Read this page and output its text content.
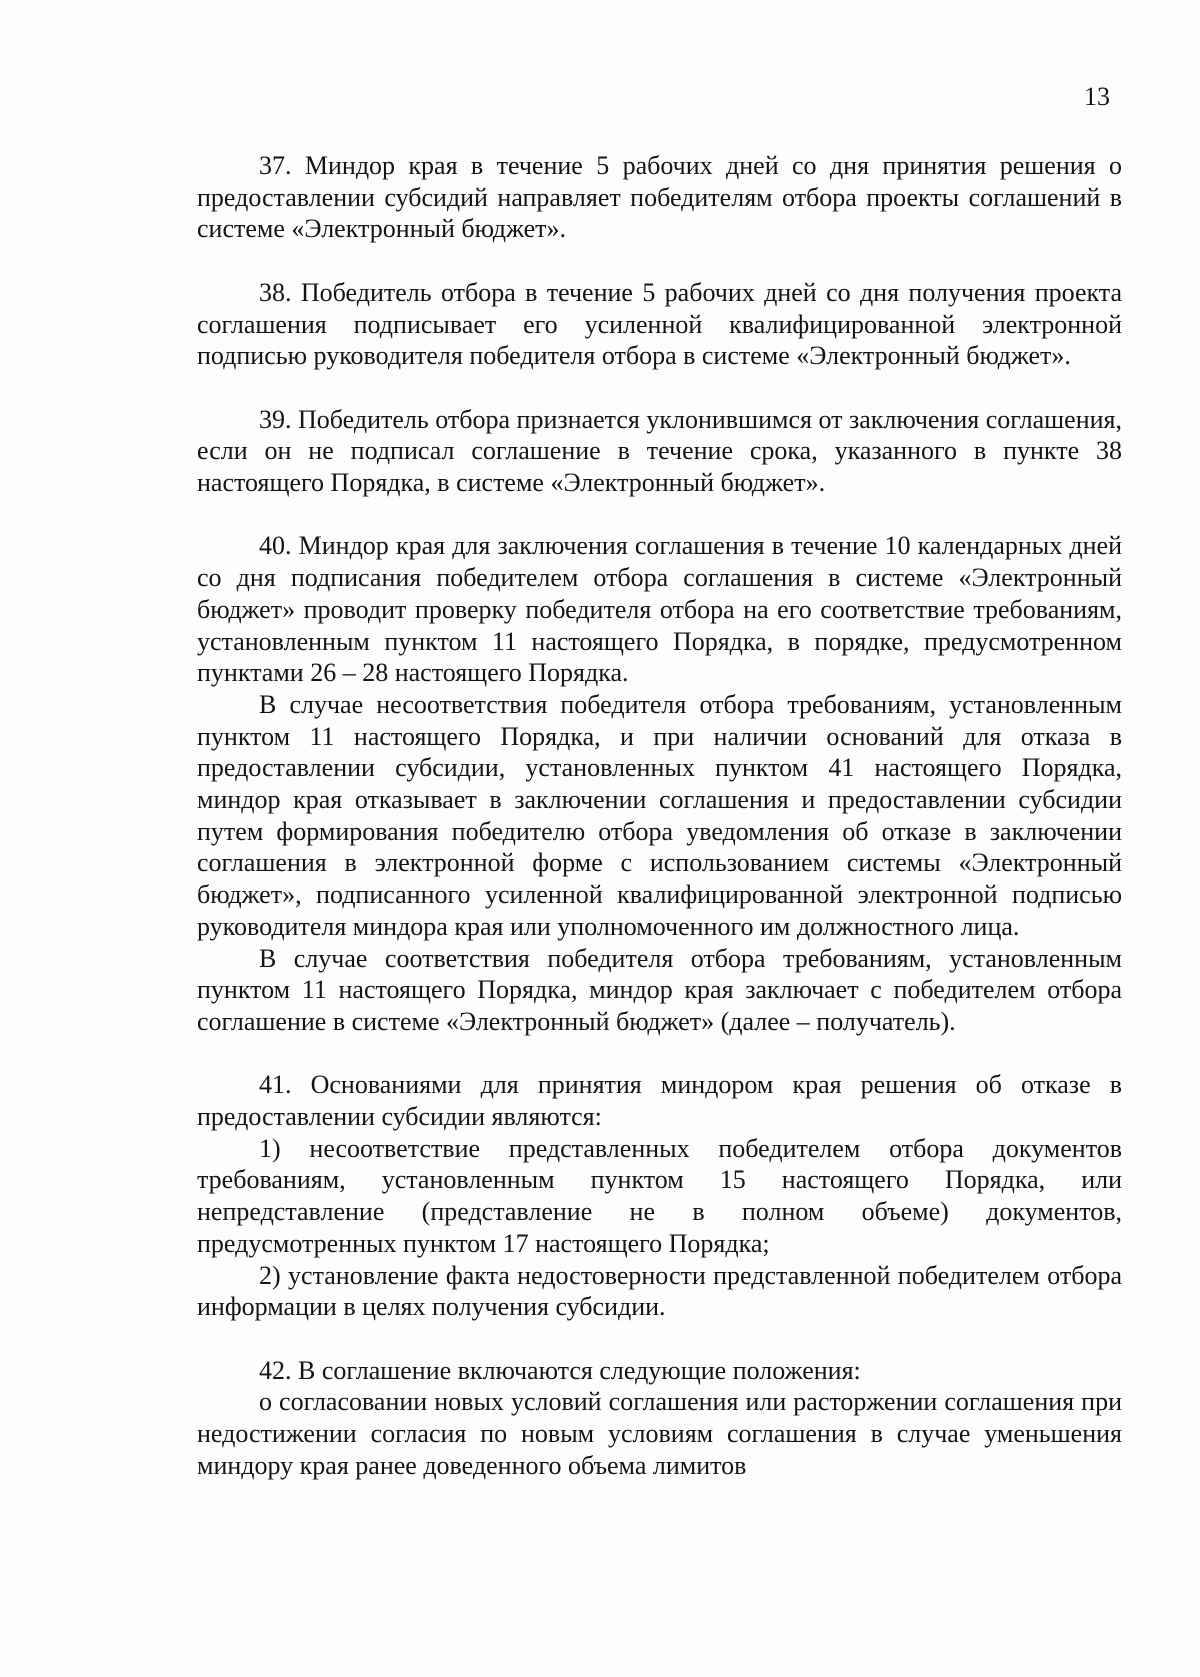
13

37. Миндор края в течение 5 рабочих дней со дня принятия решения о предоставлении субсидий направляет победителям отбора проекты соглашений в системе «Электронный бюджет».

38. Победитель отбора в течение 5 рабочих дней со дня получения проекта соглашения подписывает его усиленной квалифицированной электронной подписью руководителя победителя отбора в системе «Электронный бюджет».

39. Победитель отбора признается уклонившимся от заключения соглашения, если он не подписал соглашение в течение срока, указанного в пункте 38 настоящего Порядка, в системе «Электронный бюджет».

40. Миндор края для заключения соглашения в течение 10 календарных дней со дня подписания победителем отбора соглашения в системе «Электронный бюджет» проводит проверку победителя отбора на его соответствие требованиям, установленным пунктом 11 настоящего Порядка, в порядке, предусмотренном пунктами 26 – 28 настоящего Порядка.

В случае несоответствия победителя отбора требованиям, установленным пунктом 11 настоящего Порядка, и при наличии оснований для отказа в предоставлении субсидии, установленных пунктом 41 настоящего Порядка, миндор края отказывает в заключении соглашения и предоставлении субсидии путем формирования победителю отбора уведомления об отказе в заключении соглашения в электронной форме с использованием системы «Электронный бюджет», подписанного усиленной квалифицированной электронной подписью руководителя миндора края или уполномоченного им должностного лица.

В случае соответствия победителя отбора требованиям, установленным пунктом 11 настоящего Порядка, миндор края заключает с победителем отбора соглашение в системе «Электронный бюджет» (далее – получатель).

41. Основаниями для принятия миндором края решения об отказе в предоставлении субсидии являются:

1) несоответствие представленных победителем отбора документов требованиям, установленным пунктом 15 настоящего Порядка, или непредставление (представление не в полном объеме) документов, предусмотренных пунктом 17 настоящего Порядка;

2) установление факта недостоверности представленной победителем отбора информации в целях получения субсидии.

42. В соглашение включаются следующие положения:

о согласовании новых условий соглашения или расторжении соглашения при недостижении согласия по новым условиям соглашения в случае уменьшения миндору края ранее доведенного объема лимитов
